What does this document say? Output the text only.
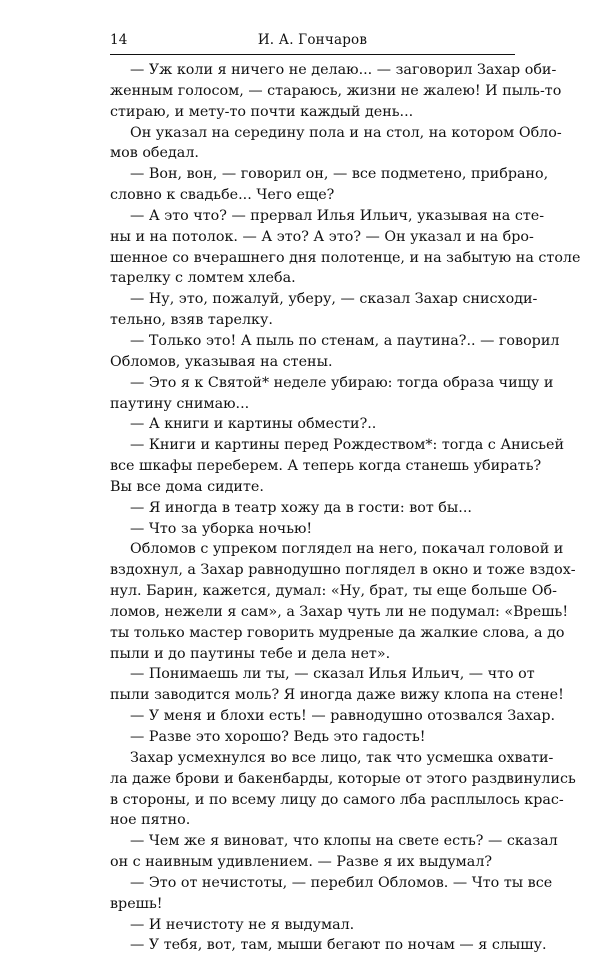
14	И. А. Гончаров
— Уж коли я ничего не делаю... — заговорил Захар оби-
женным голосом, — стараюсь, жизни не жалею! И пыль-то
стираю, и мету-то почти каждый день...
Он указал на середину пола и на стол, на котором Обло-
мов обедал.
— Вон, вон, — говорил он, — все подметено, прибрано,
словно к свадьбе... Чего еще?
— А это что? — прервал Илья Ильич, указывая на сте-
ны и на потолок. — А это? А это? — Он указал и на бро-
шенное со вчерашнего дня полотенце, и на забытую на столе
тарелку с ломтем хлеба.
— Ну, это, пожалуй, уберу, — сказал Захар снисходи-
тельно, взяв тарелку.
— Только это! А пыль по стенам, а паутина?.. — говорил
Обломов, указывая на стены.
— Это я к Святой* неделе убираю: тогда образа чищу и
паутину снимаю...
— А книги и картины обмести?..
— Книги и картины перед Рождеством*: тогда с Анисьей
все шкафы переберем. А теперь когда станешь убирать?
Вы все дома сидите.
— Я иногда в театр хожу да в гости: вот бы...
— Что за уборка ночью!
Обломов с упреком поглядел на него, покачал головой и
вздохнул, а Захар равнодушно поглядел в окно и тоже вздох-
нул. Барин, кажется, думал: «Ну, брат, ты еще больше Об-
ломов, нежели я сам», а Захар чуть ли не подумал: «Врешь!
ты только мастер говорить мудреные да жалкие слова, а до
пыли и до паутины тебе и дела нет».
— Понимаешь ли ты, — сказал Илья Ильич, — что от
пыли заводится моль? Я иногда даже вижу клопа на стене!
— У меня и блохи есть! — равнодушно отозвался Захар.
— Разве это хорошо? Ведь это гадость!
Захар усмехнулся во все лицо, так что усмешка охвати-
ла даже брови и бакенбарды, которые от этого раздвинулись
в стороны, и по всему лицу до самого лба расплылось крас-
ное пятно.
— Чем же я виноват, что клопы на свете есть? — сказал
он с наивным удивлением. — Разве я их выдумал?
— Это от нечистоты, — перебил Обломов. — Что ты все
врешь!
— И нечистоту не я выдумал.
— У тебя, вот, там, мыши бегают по ночам — я слышу.
